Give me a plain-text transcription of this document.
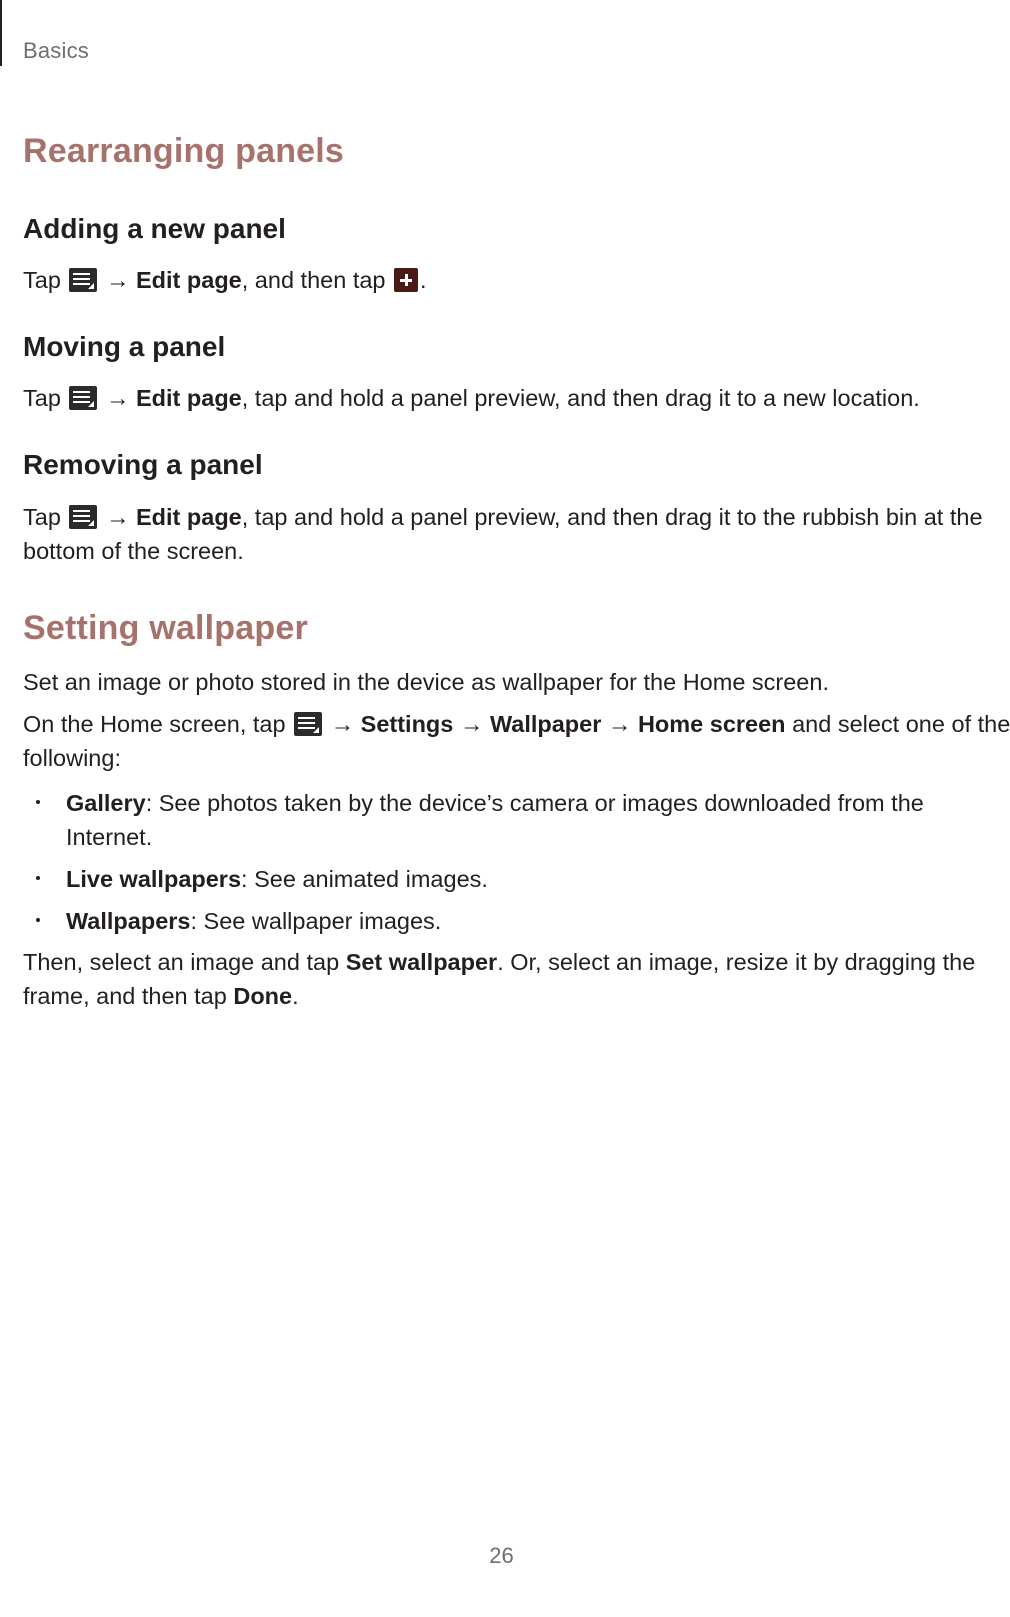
Basics
Rearranging panels
Adding a new panel

Tap → Edit page, and then tap .

Moving a panel

Tap → Edit page, tap and hold a panel preview, and then drag it to a new location.

Removing a panel

Tap → Edit page, tap and hold a panel preview, and then drag it to the rubbish bin at the
bottom of the screen.

Setting wallpaper

Set an image or photo stored in the device as wallpaper for the Home screen.

On the Home screen, tap → Settings → Wallpaper → Home screen and select one of the
following:

Gallery: See photos taken by the device’s camera or images downloaded from the
Internet.

Live wallpapers: See animated images.

Wallpapers: See wallpaper images.

Then, select an image and tap Set wallpaper. Or, select an image, resize it by dragging the
frame, and then tap Done.

26
